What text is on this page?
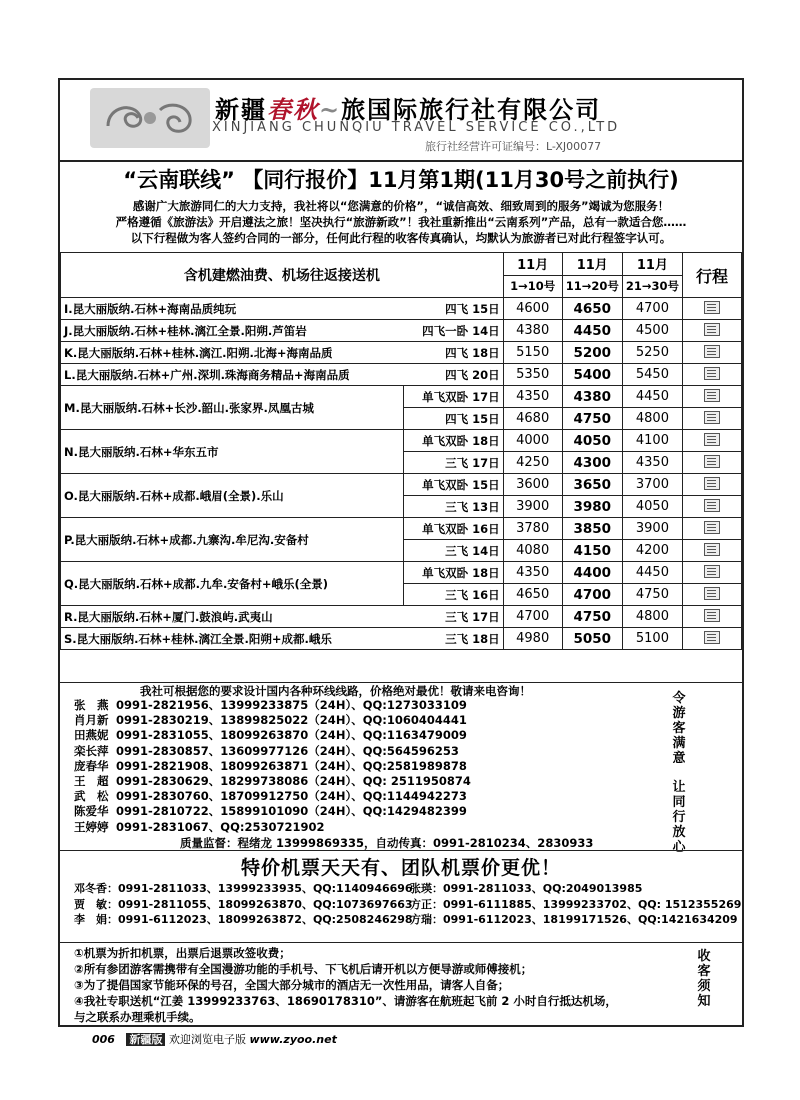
新疆春秋~旅国际旅行社有限公司
XINJIANG CHUNQIU TRAVEL SERVICE CO.,LTD
旅行社经营许可证编号：L-XJ00077
“云南联线” 【同行报价】11月第1期(11月30号之前执行)
感谢广大旅游同仁的大力支持，我社将以“您满意的价格”，“诚信高效、细致周到的服务”竭诚为您服务！
严格遵循《旅游法》开启遵法之旅！坚决执行“旅游新政”！我社重新推出“云南系列”产品，总有一款适合您……
以下行程做为客人签约合同的一部分，任何此行程的收客传真确认，均默认为旅游者已对此行程签字认可。
含机建燃油费、机场往返接送机		11月	11月	11月	行程
		1→10号	11→20号	21→30号	
I.昆大丽版纳.石林+海南品质纯玩	四飞 15日	4600	4650	4700	
J.昆大丽版纳.石林+桂林.漓江全景.阳朔.芦笛岩	四飞一卧 14日	4380	4450	4500	
K.昆大丽版纳.石林+桂林.漓江.阳朔.北海+海南品质	四飞 18日	5150	5200	5250	
L.昆大丽版纳.石林+广州.深圳.珠海商务精品+海南品质	四飞 20日	5350	5400	5450	
M.昆大丽版纳.石林+长沙.韶山.张家界.凤凰古城	单飞双卧 17日	4350	4380	4450	
	四飞 15日	4680	4750	4800	
N.昆大丽版纳.石林+华东五市	单飞双卧 18日	4000	4050	4100	
	三飞 17日	4250	4300	4350	
O.昆大丽版纳.石林+成都.峨眉(全景).乐山	单飞双卧 15日	3600	3650	3700	
	三飞 13日	3900	3980	4050	
P.昆大丽版纳.石林+成都.九寨沟.牟尼沟.安备村	单飞双卧 16日	3780	3850	3900	
	三飞 14日	4080	4150	4200	
Q.昆大丽版纳.石林+成都.九牟.安备村+峨乐(全景)	单飞双卧 18日	4350	4400	4450	
	三飞 16日	4650	4700	4750	
R.昆大丽版纳.石林+厦门.鼓浪屿.武夷山	三飞 17日	4700	4750	4800	
S.昆大丽版纳.石林+桂林.漓江全景.阳朔+成都.峨乐	三飞 18日	4980	5050	5100	
我社可根据您的要求设计国内各种环线线路，价格绝对最优！敬请来电咨询！
张　燕 0991-2821956、13999233875（24H）、QQ:1273033109
肖月新 0991-2830219、13899825022（24H）、QQ:1060404441
田燕妮 0991-2831055、18099263870（24H）、QQ:1163479009
栾长萍 0991-2830857、13609977126（24H）、QQ:564596253
庞春华 0991-2821908、18099263871（24H）、QQ:2581989878
王　超 0991-2830629、18299738086（24H）、QQ: 2511950874
武　松 0991-2830760、18709912750（24H）、QQ:1144942273
陈爱华 0991-2810722、15899101090（24H）、QQ:1429482399
王婷婷 0991-2831067、QQ:2530721902
令
游
客
满
意

让
同
行
放
心
质量监督：程绪龙 13999869335，自动传真：0991-2810234、2830933
特价机票天天有、团队机票价更优！
邓冬香：0991-2811033、13999233935、QQ:1140946696张瑛：0991-2811033、QQ:2049013985
贾　敏：0991-2811055、18099263870、QQ:1073697663方正：0991-6111885、13999233702、QQ: 1512355269
李　娟：0991-6112023、18099263872、QQ:2508246298方瑞：0991-6112023、18199171526、QQ:1421634209
①机票为折扣机票，出票后退票改签收费；
②所有参团游客需携带有全国漫游功能的手机号、下飞机后请开机以方便导游或师傅接机；
③为了提倡国家节能环保的号召，全国大部分城市的酒店无一次性用品，请客人自备；
④我社专职送机“江姜 13999233763、18690178310”、请游客在航班起飞前 2 小时自行抵达机场，
与之联系办理乘机手续。
收
客
须
知
006 新疆版 欢迎浏览电子版 www.zyoo.net
